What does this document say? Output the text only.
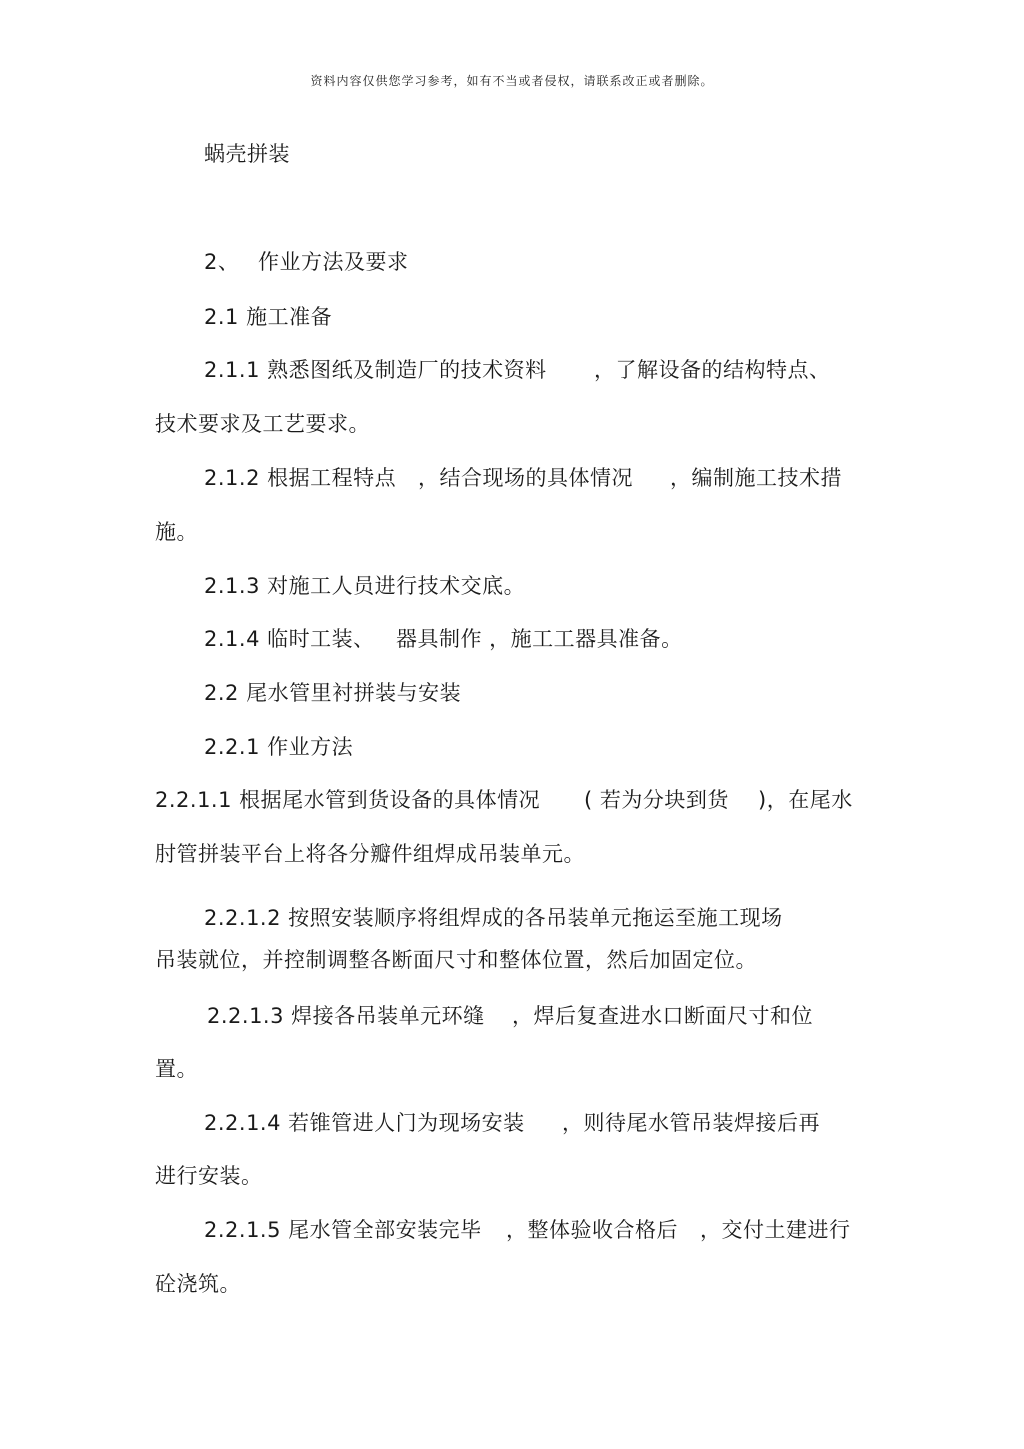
资料内容仅供您学习参考，如有不当或者侵权，请联系改正或者删除。
蜗壳拼装
2、 作业方法及要求
2.1 施工准备
2.1.1 熟悉图纸及制造厂的技术资料 ，了解设备的结构特点、
技术要求及工艺要求。
2.1.2 根据工程特点 ，结合现场的具体情况 ，编制施工技术措
施。
2.1.3 对施工人员进行技术交底。
2.1.4 临时工装、 器具制作 ，施工工器具准备。
2.2 尾水管里衬拼装与安装
2.2.1 作业方法
2.2.1.1 根据尾水管到货设备的具体情况 ( 若为分块到货 )，在尾水
肘管拼装平台上将各分瓣件组焊成吊装单元。
2.2.1.2 按照安装顺序将组焊成的各吊装单元拖运至施工现场
吊装就位，并控制调整各断面尺寸和整体位置，然后加固定位。
2.2.1.3 焊接各吊装单元环缝 ，焊后复查进水口断面尺寸和位
置。
2.2.1.4 若锥管进人门为现场安装 ，则待尾水管吊装焊接后再
进行安装。
2.2.1.5 尾水管全部安装完毕 ，整体验收合格后 ，交付土建进行
砼浇筑。
